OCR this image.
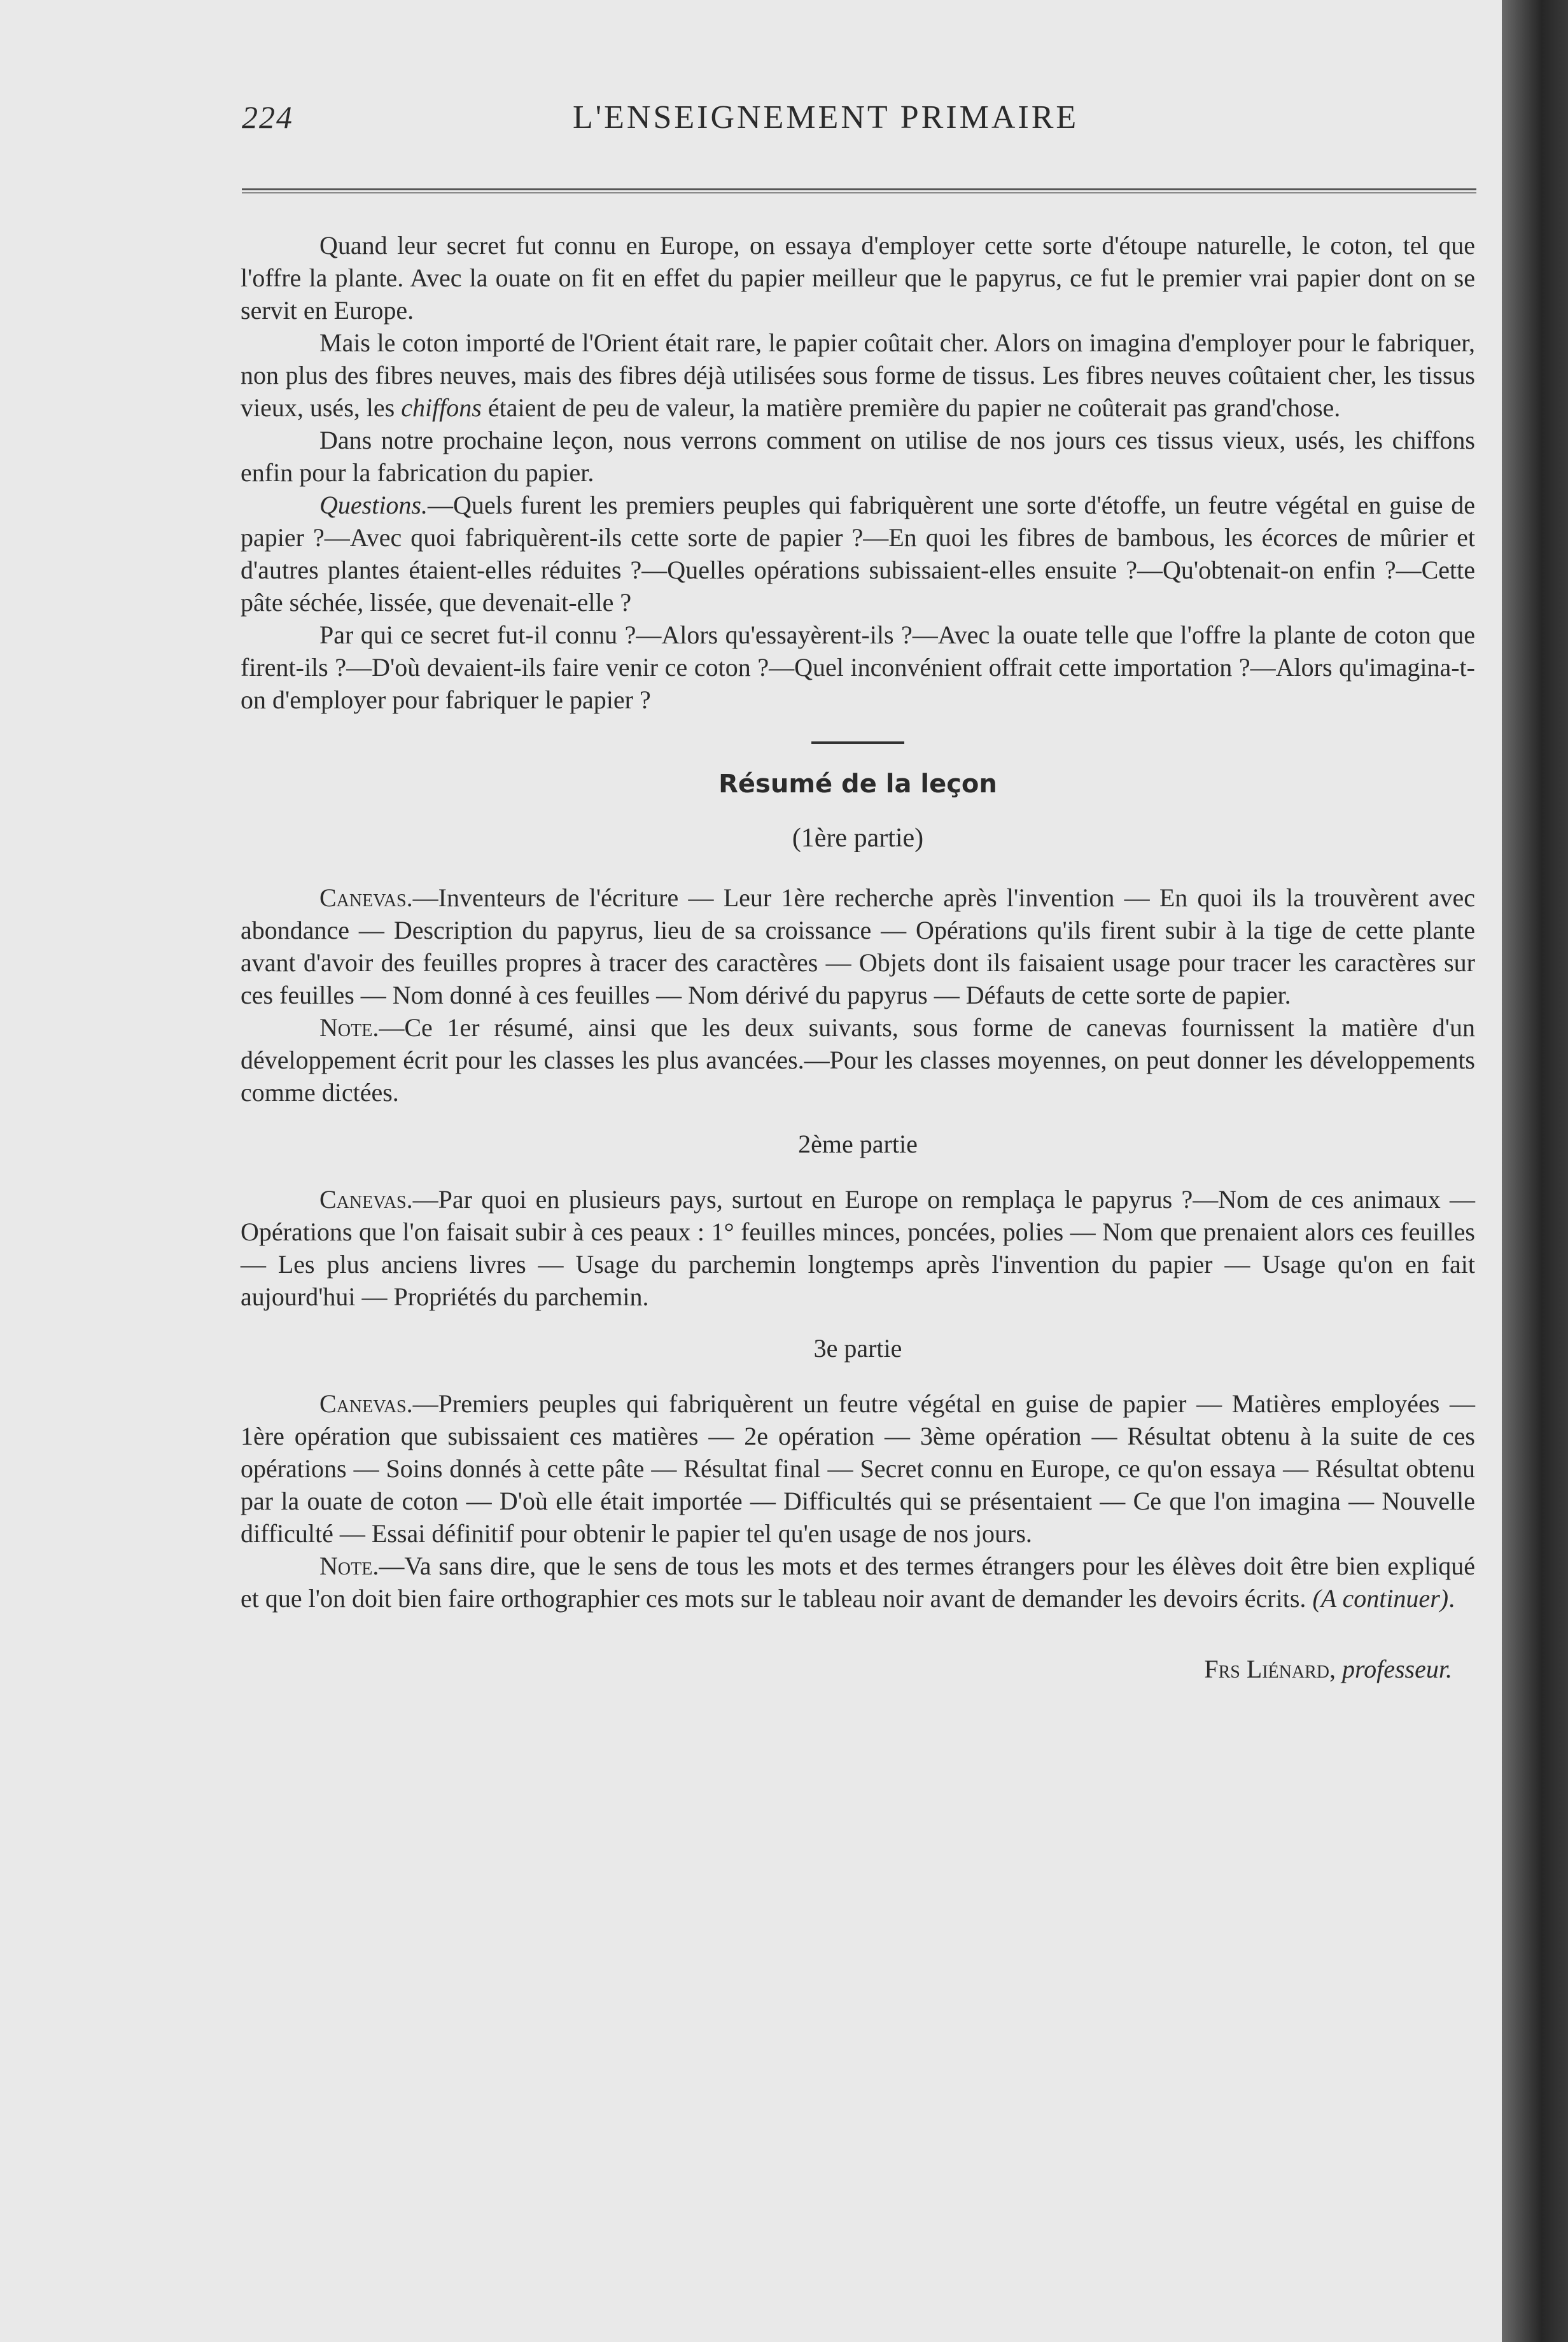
224	L'ENSEIGNEMENT PRIMAIRE

Quand leur secret fut connu en Europe, on essaya d'employer cette sorte d'étoupe naturelle, le coton, tel que l'offre la plante. Avec la ouate on fit en effet du papier meilleur que le papyrus, ce fut le premier vrai papier dont on se servit en Europe.

Mais le coton importé de l'Orient était rare, le papier coûtait cher. Alors on imagina d'employer pour le fabriquer, non plus des fibres neuves, mais des fibres déjà utilisées sous forme de tissus. Les fibres neuves coûtaient cher, les tissus vieux, usés, les chiffons étaient de peu de valeur, la matière première du papier ne coûterait pas grand'chose.

Dans notre prochaine leçon, nous verrons comment on utilise de nos jours ces tissus vieux, usés, les chiffons enfin pour la fabrication du papier.

Questions.—Quels furent les premiers peuples qui fabriquèrent une sorte d'étoffe, un feutre végétal en guise de papier ?—Avec quoi fabriquèrent-ils cette sorte de papier ?—En quoi les fibres de bambous, les écorces de mûrier et d'autres plantes étaient-elles réduites ?—Quelles opérations subissaient-elles ensuite ?—Qu'obtenait-on enfin ?—Cette pâte séchée, lissée, que devenait-elle ?

Par qui ce secret fut-il connu ?—Alors qu'essayèrent-ils ?—Avec la ouate telle que l'offre la plante de coton que firent-ils ?—D'où devaient-ils faire venir ce coton ?—Quel inconvénient offrait cette importation ?—Alors qu'imagina-t-on d'employer pour fabriquer le papier ?

Résumé de la leçon
(1ère partie)

Canevas.—Inventeurs de l'écriture — Leur 1ère recherche après l'invention — En quoi ils la trouvèrent avec abondance — Description du papyrus, lieu de sa croissance — Opérations qu'ils firent subir à la tige de cette plante avant d'avoir des feuilles propres à tracer des caractères — Objets dont ils faisaient usage pour tracer les caractères sur ces feuilles — Nom donné à ces feuilles — Nom dérivé du papyrus — Défauts de cette sorte de papier.

Note.—Ce 1er résumé, ainsi que les deux suivants, sous forme de canevas fournissent la matière d'un développement écrit pour les classes les plus avancées.—Pour les classes moyennes, on peut donner les développements comme dictées.

2ème partie

Canevas.—Par quoi en plusieurs pays, surtout en Europe on remplaça le papyrus ?—Nom de ces animaux — Opérations que l'on faisait subir à ces peaux : 1° feuilles minces, poncées, polies — Nom que prenaient alors ces feuilles — Les plus anciens livres — Usage du parchemin longtemps après l'invention du papier — Usage qu'on en fait aujourd'hui — Propriétés du parchemin.

3e partie

Canevas.—Premiers peuples qui fabriquèrent un feutre végétal en guise de papier — Matières employées — 1ère opération que subissaient ces matières — 2e opération — 3ème opération — Résultat obtenu à la suite de ces opérations — Soins donnés à cette pâte — Résultat final — Secret connu en Europe, ce qu'on essaya — Résultat obtenu par la ouate de coton — D'où elle était importée — Difficultés qui se présentaient — Ce que l'on imagina — Nouvelle difficulté — Essai définitif pour obtenir le papier tel qu'en usage de nos jours.

Note.—Va sans dire, que le sens de tous les mots et des termes étrangers pour les élèves doit être bien expliqué et que l'on doit bien faire orthographier ces mots sur le tableau noir avant de demander les devoirs écrits. (A continuer).

Frs Liénard, professeur.
